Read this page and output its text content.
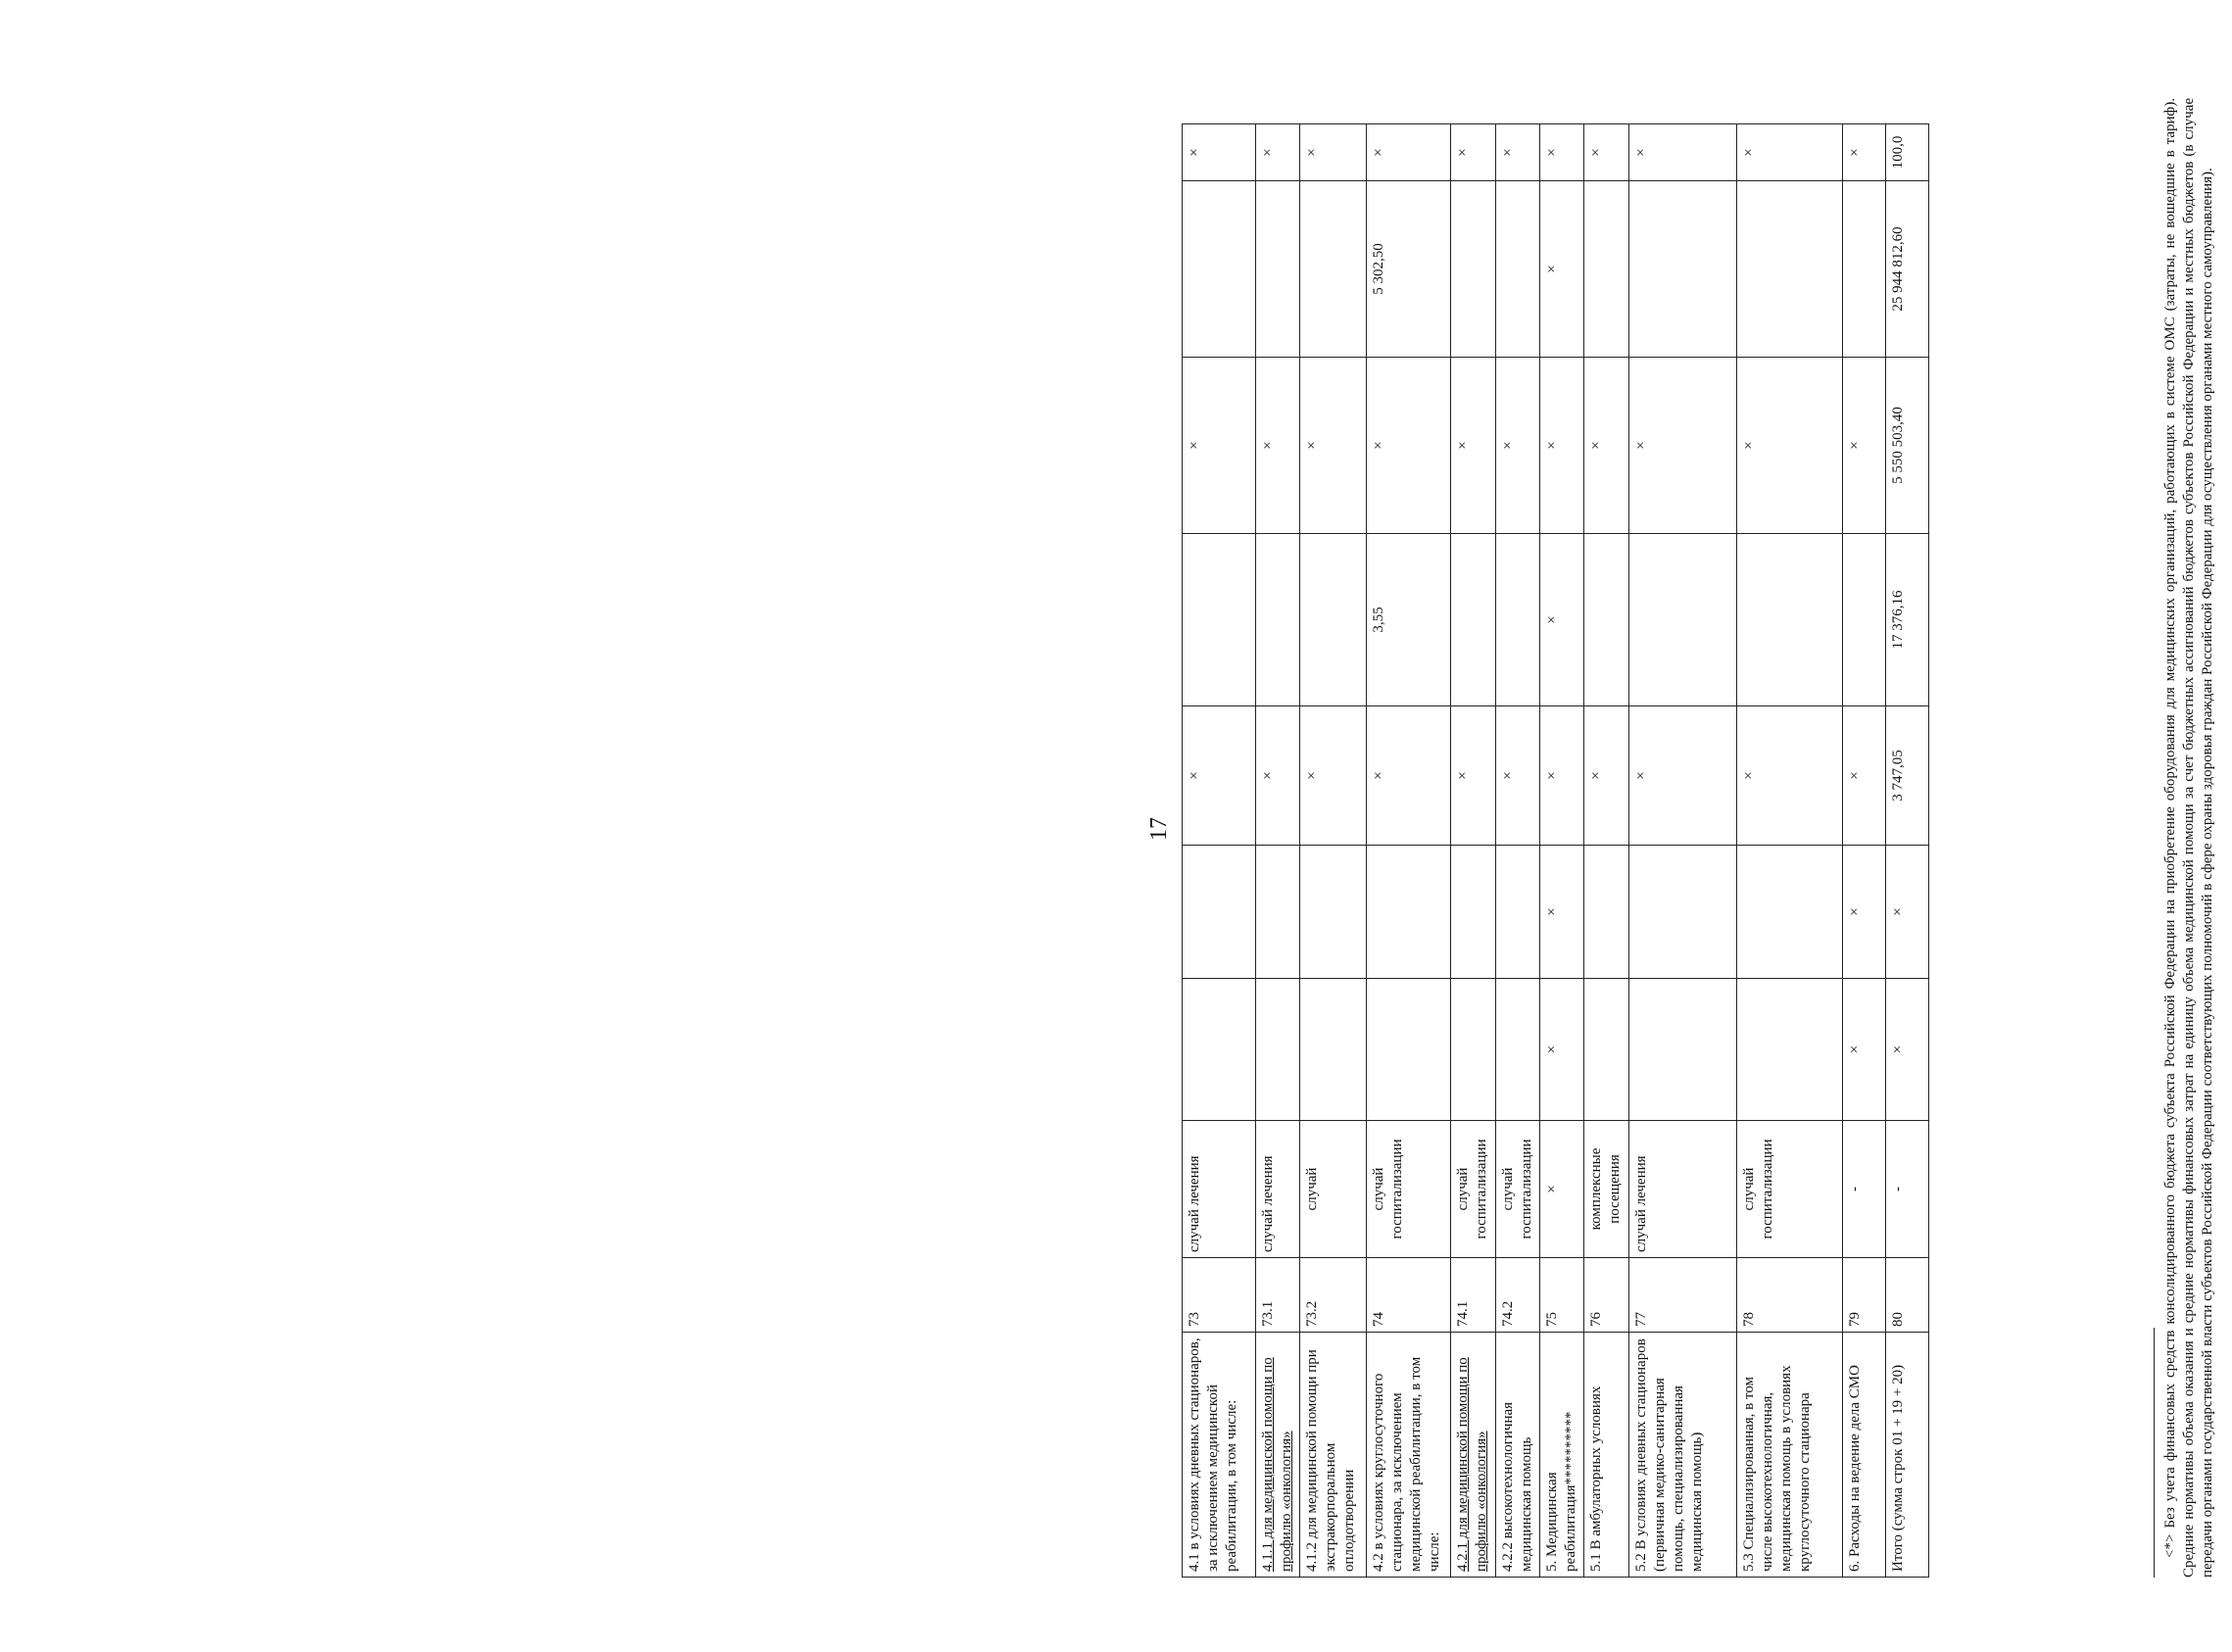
17
4.1 в условиях дневных стационаров, за исключением медицинской реабилитации, в том числе:	73	случай лечения			×		×		×
4.1.1 для медицинской помощи по профилю «онкология»	73.1	случай лечения			×		×		×
4.1.2 для медицинской помощи при экстракорпоральном оплодотворении	73.2	случай			×		×		×
4.2 в условиях круглосуточного стационара, за исключением медицинской реабилитации, в том числе:	74	случай госпитализации			×	3,55	×	5 302,50	×
4.2.1 для медицинской помощи по профилю «онкология»	74.1	случай госпитализации			×		×		×
4.2.2 высокотехнологичная медицинская помощь	74.2	случай госпитализации			×		×		×
5. Медицинская реабилитация**********	75	×	×	×	×	×	×	×	×
5.1 В амбулаторных условиях	76	комплексные посещения			×		×		×
5.2 В условиях дневных стационаров (первичная медико-санитарная помощь, специализированная медицинская помощь)	77	случай лечения			×		×		×
5.3 Специализированная, в том числе высокотехнологичная, медицинская помощь в условиях круглосуточного стационара	78	случай госпитализации			×		×		×
6. Расходы на ведение дела СМО	79	-	×	×	×		×		×
Итого (сумма строк 01 + 19 + 20)	80	-	×	×	3 747,05	17 376,16	5 550 503,40	25 944 812,60	100,0	<*> Без учета финансовых средств консолидированного бюджета субъекта Российской Федерации на приобретение оборудования для медицинских организаций, работающих в системе ОМС (затраты, не вошедшие в тариф). Средние нормативы объема оказания и средние нормативы финансовых затрат на единицу объема медицинской помощи за счет бюджетных ассигнований бюджетов субъектов Российской Федерации и местных бюджетов (в случае передачи органами государственной власти субъектов Российской Федерации соответствующих полномочий в сфере охраны здоровья граждан Российской Федерации для осуществления органами местного самоуправления).
